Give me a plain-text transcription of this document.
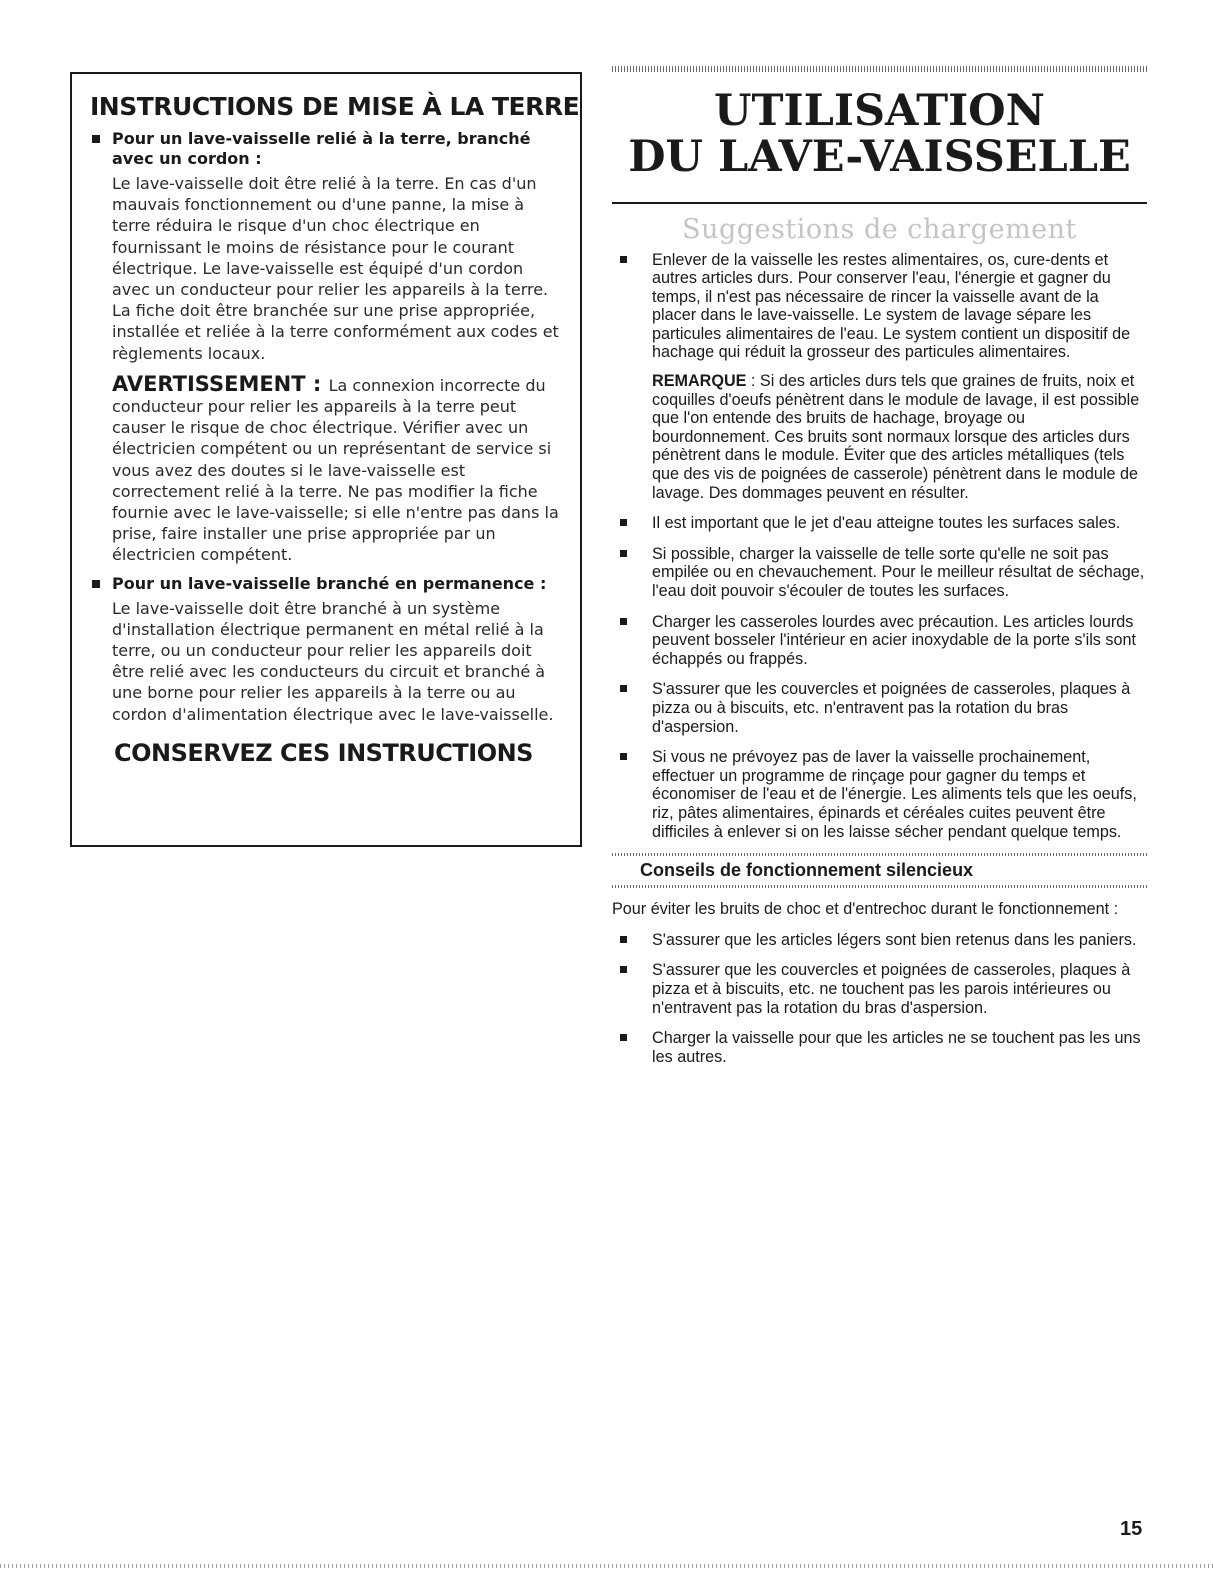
INSTRUCTIONS DE MISE À LA TERRE
Pour un lave-vaisselle relié à la terre, branché avec un cordon :

Le lave-vaisselle doit être relié à la terre. En cas d'un mauvais fonctionnement ou d'une panne, la mise à terre réduira le risque d'un choc électrique en fournissant le moins de résistance pour le courant électrique. Le lave-vaisselle est équipé d'un cordon avec un conducteur pour relier les appareils à la terre. La fiche doit être branchée sur une prise appropriée, installée et reliée à la terre conformément aux codes et règlements locaux.

AVERTISSEMENT : La connexion incorrecte du conducteur pour relier les appareils à la terre peut causer le risque de choc électrique. Vérifier avec un électricien compétent ou un représentant de service si vous avez des doutes si le lave-vaisselle est correctement relié à la terre. Ne pas modifier la fiche fournie avec le lave-vaisselle; si elle n'entre pas dans la prise, faire installer une prise appropriée par un électricien compétent.

Pour un lave-vaisselle branché en permanence :

Le lave-vaisselle doit être branché à un système d'installation électrique permanent en métal relié à la terre, ou un conducteur pour relier les appareils doit être relié avec les conducteurs du circuit et branché à une borne pour relier les appareils à la terre ou au cordon d'alimentation électrique avec le lave-vaisselle.

CONSERVEZ CES INSTRUCTIONS
UTILISATION
DU LAVE-VAISSELLE
Suggestions de chargement
Enlever de la vaisselle les restes alimentaires, os, cure-dents et autres articles durs. Pour conserver l'eau, l'énergie et gagner du temps, il n'est pas nécessaire de rincer la vaisselle avant de la placer dans le lave-vaisselle. Le system de lavage sépare les particules alimentaires de l'eau. Le system contient un dispositif de hachage qui réduit la grosseur des particules alimentaires.

REMARQUE : Si des articles durs tels que graines de fruits, noix et coquilles d'oeufs pénètrent dans le module de lavage, il est possible que l'on entende des bruits de hachage, broyage ou bourdonnement. Ces bruits sont normaux lorsque des articles durs pénètrent dans le module. Éviter que des articles métalliques (tels que des vis de poignées de casserole) pénètrent dans le module de lavage. Des dommages peuvent en résulter.

Il est important que le jet d'eau atteigne toutes les surfaces sales.
Si possible, charger la vaisselle de telle sorte qu'elle ne soit pas empilée ou en chevauchement. Pour le meilleur résultat de séchage, l'eau doit pouvoir s'écouler de toutes les surfaces.
Charger les casseroles lourdes avec précaution. Les articles lourds peuvent bosseler l'intérieur en acier inoxydable de la porte s'ils sont échappés ou frappés.
S'assurer que les couvercles et poignées de casseroles, plaques à pizza ou à biscuits, etc. n'entravent pas la rotation du bras d'aspersion.
Si vous ne prévoyez pas de laver la vaisselle prochainement, effectuer un programme de rinçage pour gagner du temps et économiser de l'eau et de l'énergie. Les aliments tels que les oeufs, riz, pâtes alimentaires, épinards et céréales cuites peuvent être difficiles à enlever si on les laisse sécher pendant quelque temps.
Conseils de fonctionnement silencieux

Pour éviter les bruits de choc et d'entrechoc durant le fonctionnement :

S'assurer que les articles légers sont bien retenus dans les paniers.
S'assurer que les couvercles et poignées de casseroles, plaques à pizza et à biscuits, etc. ne touchent pas les parois intérieures ou n'entravent pas la rotation du bras d'aspersion.
Charger la vaisselle pour que les articles ne se touchent pas les uns les autres.
15
